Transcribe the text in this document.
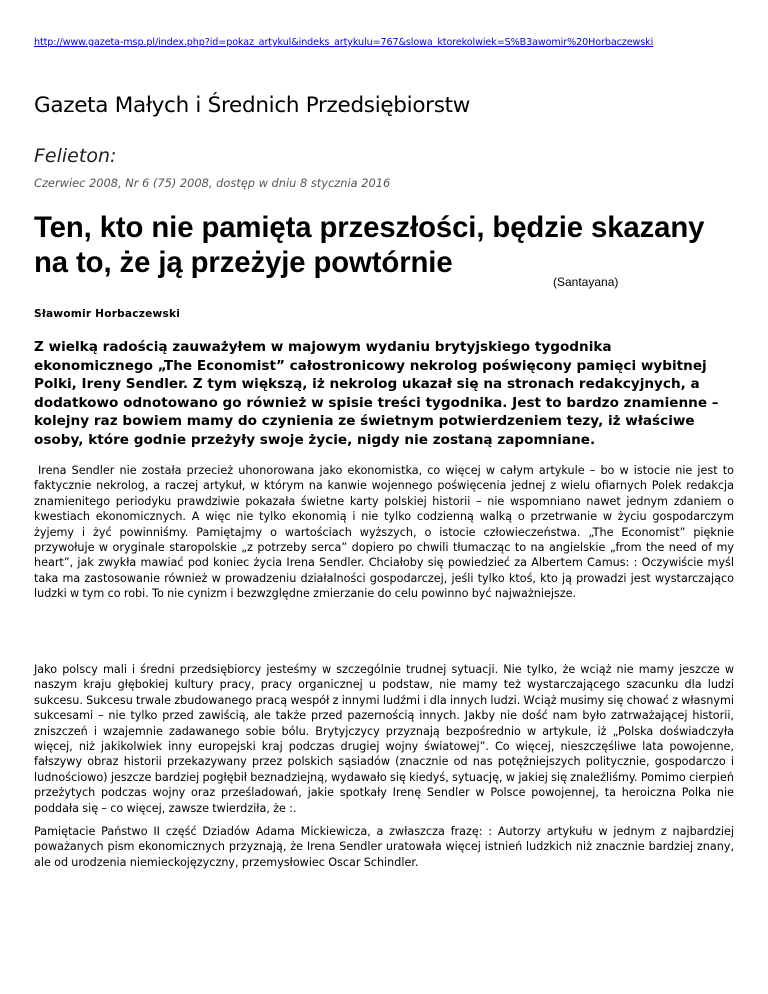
http://www.gazeta-msp.pl/index.php?id=pokaz_artykul&indeks_artykulu=767&slowa_ktorekolwiek=S%B3awomir%20Horbaczewski
Gazeta Małych i Średnich Przedsiębiorstw
Felieton:
Czerwiec 2008, Nr 6 (75) 2008, dostęp w dniu 8 stycznia 2016
Ten, kto nie pamięta przeszłości, będzie skazany na to, że ją przeżyje powtórnie
(Santayana)
Sławomir Horbaczewski

Z wielką radością zauważyłem w majowym wydaniu brytyjskiego tygodnika ekonomicznego „The Economist” całostronicowy nekrolog poświęcony pamięci wybitnej Polki, Ireny Sendler. Z tym większą, iż nekrolog ukazał się na stronach redakcyjnych, a dodatkowo odnotowano go również w spisie treści tygodnika. Jest to bardzo znamienne – kolejny raz bowiem mamy do czynienia ze świetnym potwierdzeniem tezy, iż właściwe osoby, które godnie przeżyły swoje życie, nigdy nie zostaną zapomniane.

Irena Sendler nie została przecież uhonorowana jako ekonomistka, co więcej w całym artykule – bo w istocie nie jest to faktycznie nekrolog, a raczej artykuł, w którym na kanwie wojennego poświęcenia jednej z wielu ofiarnych Polek redakcja znamienitego periodyku prawdziwie pokazała świetne karty polskiej historii – nie wspomniano nawet jednym zdaniem o kwestiach ekonomicznych. A więc nie tylko ekonomią i nie tylko codzienną walką o przetrwanie w życiu gospodarczym żyjemy i żyć powinniśmy. Pamiętajmy o wartościach wyższych, o istocie człowieczeństwa. „The Economist” pięknie przywołuje w oryginale staropolskie „z potrzeby serca” dopiero po chwili tłumacząc to na angielskie „from the need of my heart”, jak zwykła mawiać pod koniec życia Irena Sendler. Chciałoby się powiedzieć za Albertem Camus: : Oczywiście myśl taka ma zastosowanie również w prowadzeniu działalności gospodarczej, jeśli tylko ktoś, kto ją prowadzi jest wystarczająco ludzki w tym co robi. To nie cynizm i bezwzględne zmierzanie do celu powinno być najważniejsze.

Jako polscy mali i średni przedsiębiorcy jesteśmy w szczególnie trudnej sytuacji. Nie tylko, że wciąż nie mamy jeszcze w naszym kraju głębokiej kultury pracy, pracy organicznej u podstaw, nie mamy też wystarczającego szacunku dla ludzi sukcesu. Sukcesu trwale zbudowanego pracą wespół z innymi ludźmi i dla innych ludzi. Wciąż musimy się chować z własnymi sukcesami – nie tylko przed zawiścią, ale także przed pazernością innych. Jakby nie dość nam było zatrważającej historii, zniszczeń i wzajemnie zadawanego sobie bólu. Brytyjczycy przyznają bezpośrednio w artykule, iż „Polska doświadczyła więcej, niż jakikolwiek inny europejski kraj podczas drugiej wojny światowej”. Co więcej, nieszczęśliwe lata powojenne, fałszywy obraz historii przekazywany przez polskich sąsiadów (znacznie od nas potężniejszych politycznie, gospodarczo i ludnościowo) jeszcze bardziej pogłębił beznadziejną, wydawało się kiedyś, sytuację, w jakiej się znaleźliśmy. Pomimo cierpień przeżytych podczas wojny oraz prześladowań, jakie spotkały Irenę Sendler w Polsce powojennej, ta heroiczna Polka nie poddała się – co więcej, zawsze twierdziła, że :.

Pamiętacie Państwo II część Dziadów Adama Mickiewicza, a zwłaszcza frazę: : Autorzy artykułu w jednym z najbardziej poważanych pism ekonomicznych przyznają, że Irena Sendler uratowała więcej istnień ludzkich niż znacznie bardziej znany, ale od urodzenia niemieckojęzyczny, przemysłowiec Oscar Schindler.
